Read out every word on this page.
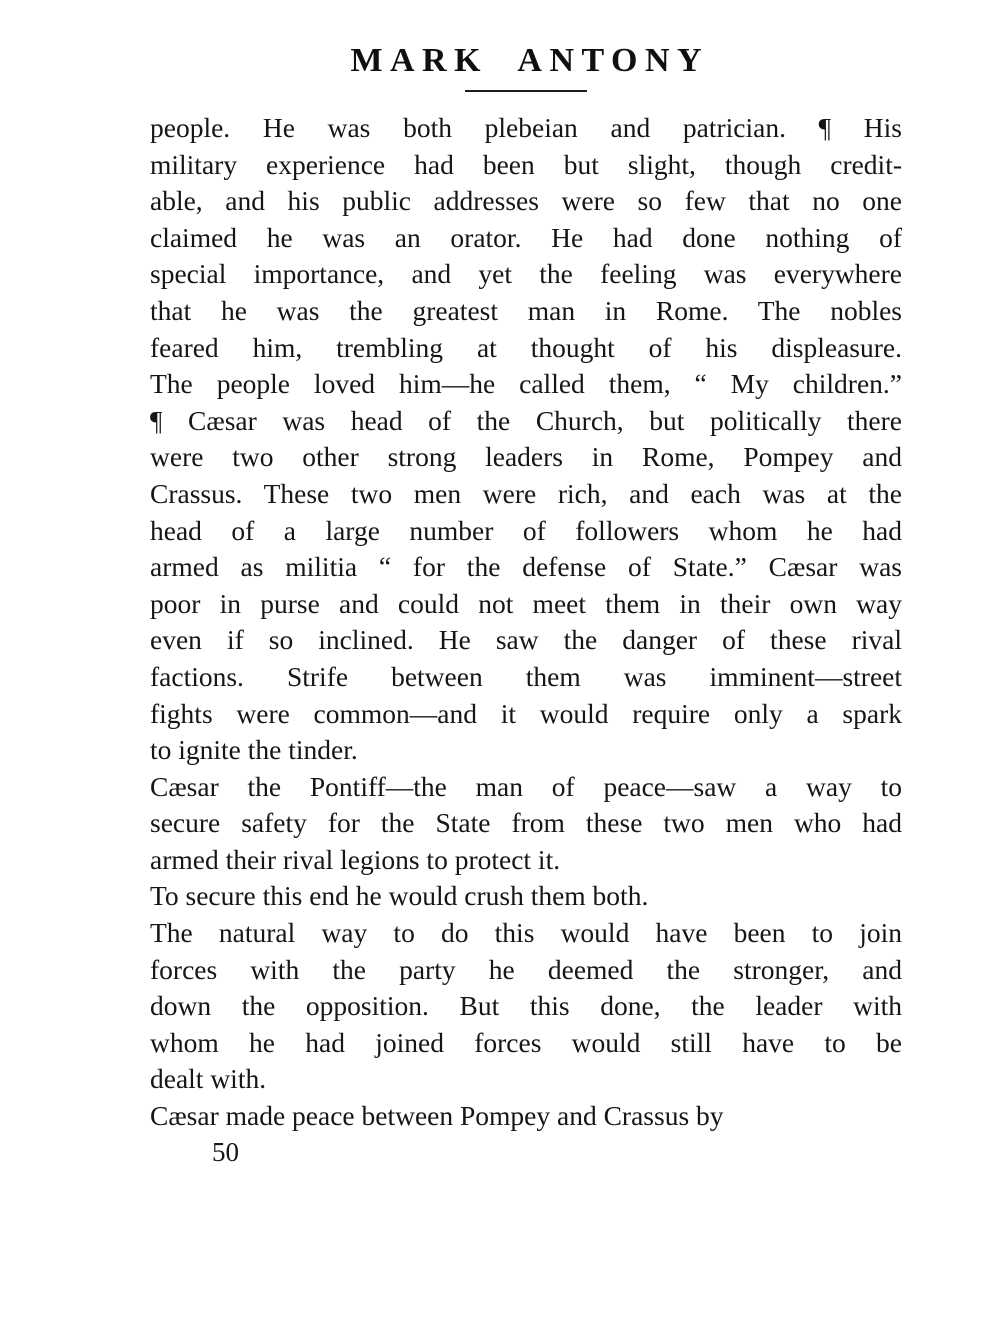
MARK ANTONY
people. He was both plebeian and patrician. ¶ His
military experience had been but slight, though credit-
able, and his public addresses were so few that no one
claimed he was an orator. He had done nothing of
special importance, and yet the feeling was everywhere
that he was the greatest man in Rome. The nobles
feared him, trembling at thought of his displeasure.
The people loved him—he called them, “ My children.”
¶ Cæsar was head of the Church, but politically there
were two other strong leaders in Rome, Pompey and
Crassus. These two men were rich, and each was at the
head of a large number of followers whom he had
armed as militia “ for the defense of State.” Cæsar was
poor in purse and could not meet them in their own way
even if so inclined. He saw the danger of these rival
factions. Strife between them was imminent—street
fights were common—and it would require only a spark
to ignite the tinder.
Cæsar the Pontiff—the man of peace—saw a way to
secure safety for the State from these two men who had
armed their rival legions to protect it.
To secure this end he would crush them both.
The natural way to do this would have been to join
forces with the party he deemed the stronger, and
down the opposition. But this done, the leader with
whom he had joined forces would still have to be
dealt with.
Cæsar made peace between Pompey and Crassus by
50
